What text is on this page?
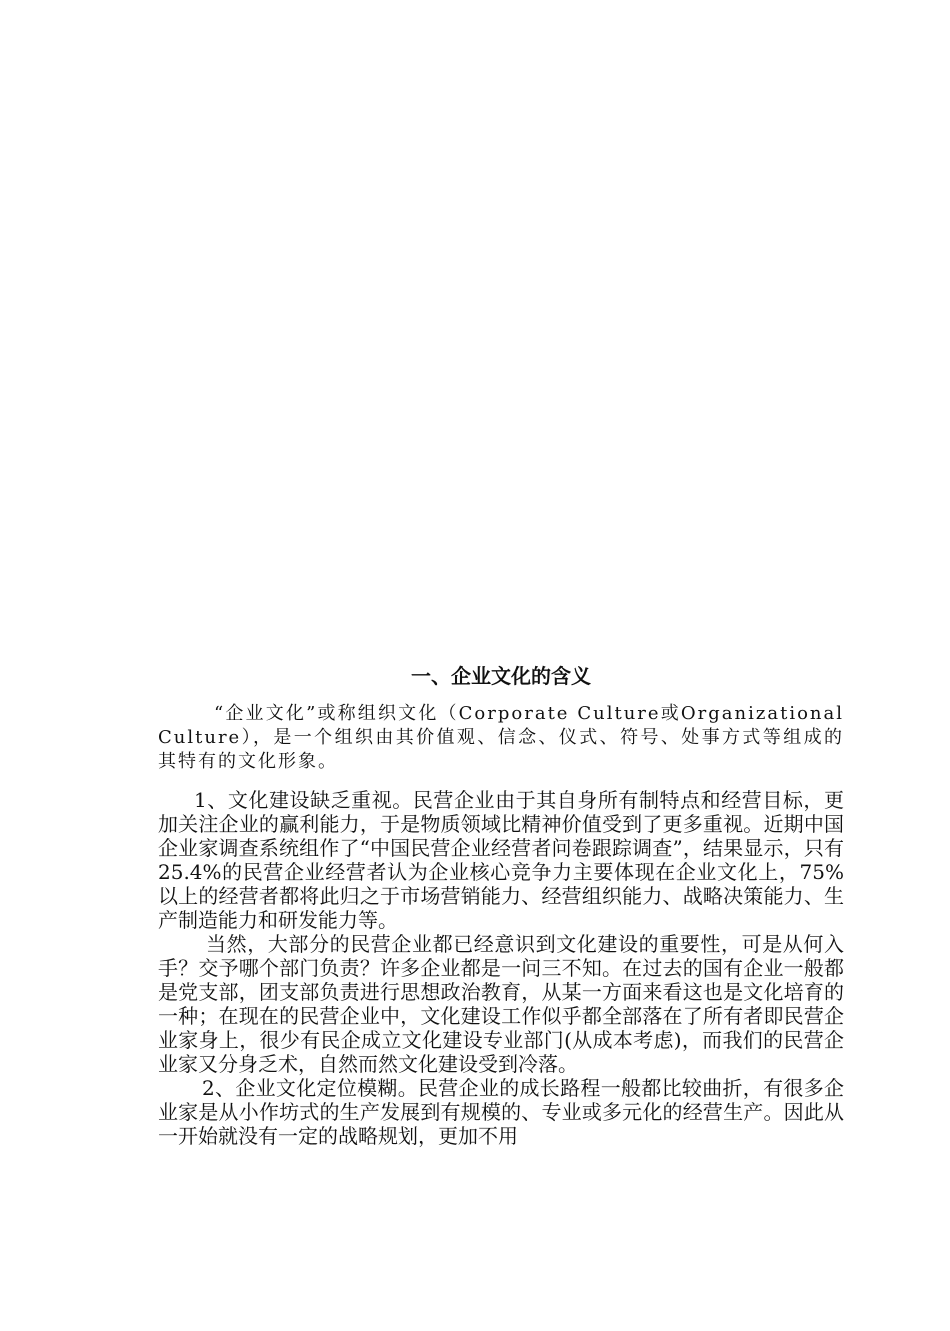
一、企业文化的含义

“企业文化”或称组织文化（Corporate Culture或Organizational Culture），是一个组织由其价值观、信念、仪式、符号、处事方式等组成的其特有的文化形象。

1、文化建设缺乏重视。民营企业由于其自身所有制特点和经营目标，更加关注企业的赢利能力，于是物质领域比精神价值受到了更多重视。近期中国企业家调查系统组作了“中国民营企业经营者问卷跟踪调查”，结果显示，只有25.4%的民营企业经营者认为企业核心竞争力主要体现在企业文化上，75%以上的经营者都将此归之于市场营销能力、经营组织能力、战略决策能力、生产制造能力和研发能力等。

当然，大部分的民营企业都已经意识到文化建设的重要性，可是从何入手？交予哪个部门负责？许多企业都是一问三不知。在过去的国有企业一般都是党支部，团支部负责进行思想政治教育，从某一方面来看这也是文化培育的一种；在现在的民营企业中，文化建设工作似乎都全部落在了所有者即民营企业家身上，很少有民企成立文化建设专业部门(从成本考虑)，而我们的民营企业家又分身乏术，自然而然文化建设受到冷落。

2、企业文化定位模糊。民营企业的成长路程一般都比较曲折，有很多企业家是从小作坊式的生产发展到有规模的、专业或多元化的经营生产。因此从一开始就没有一定的战略规划，更加不用
